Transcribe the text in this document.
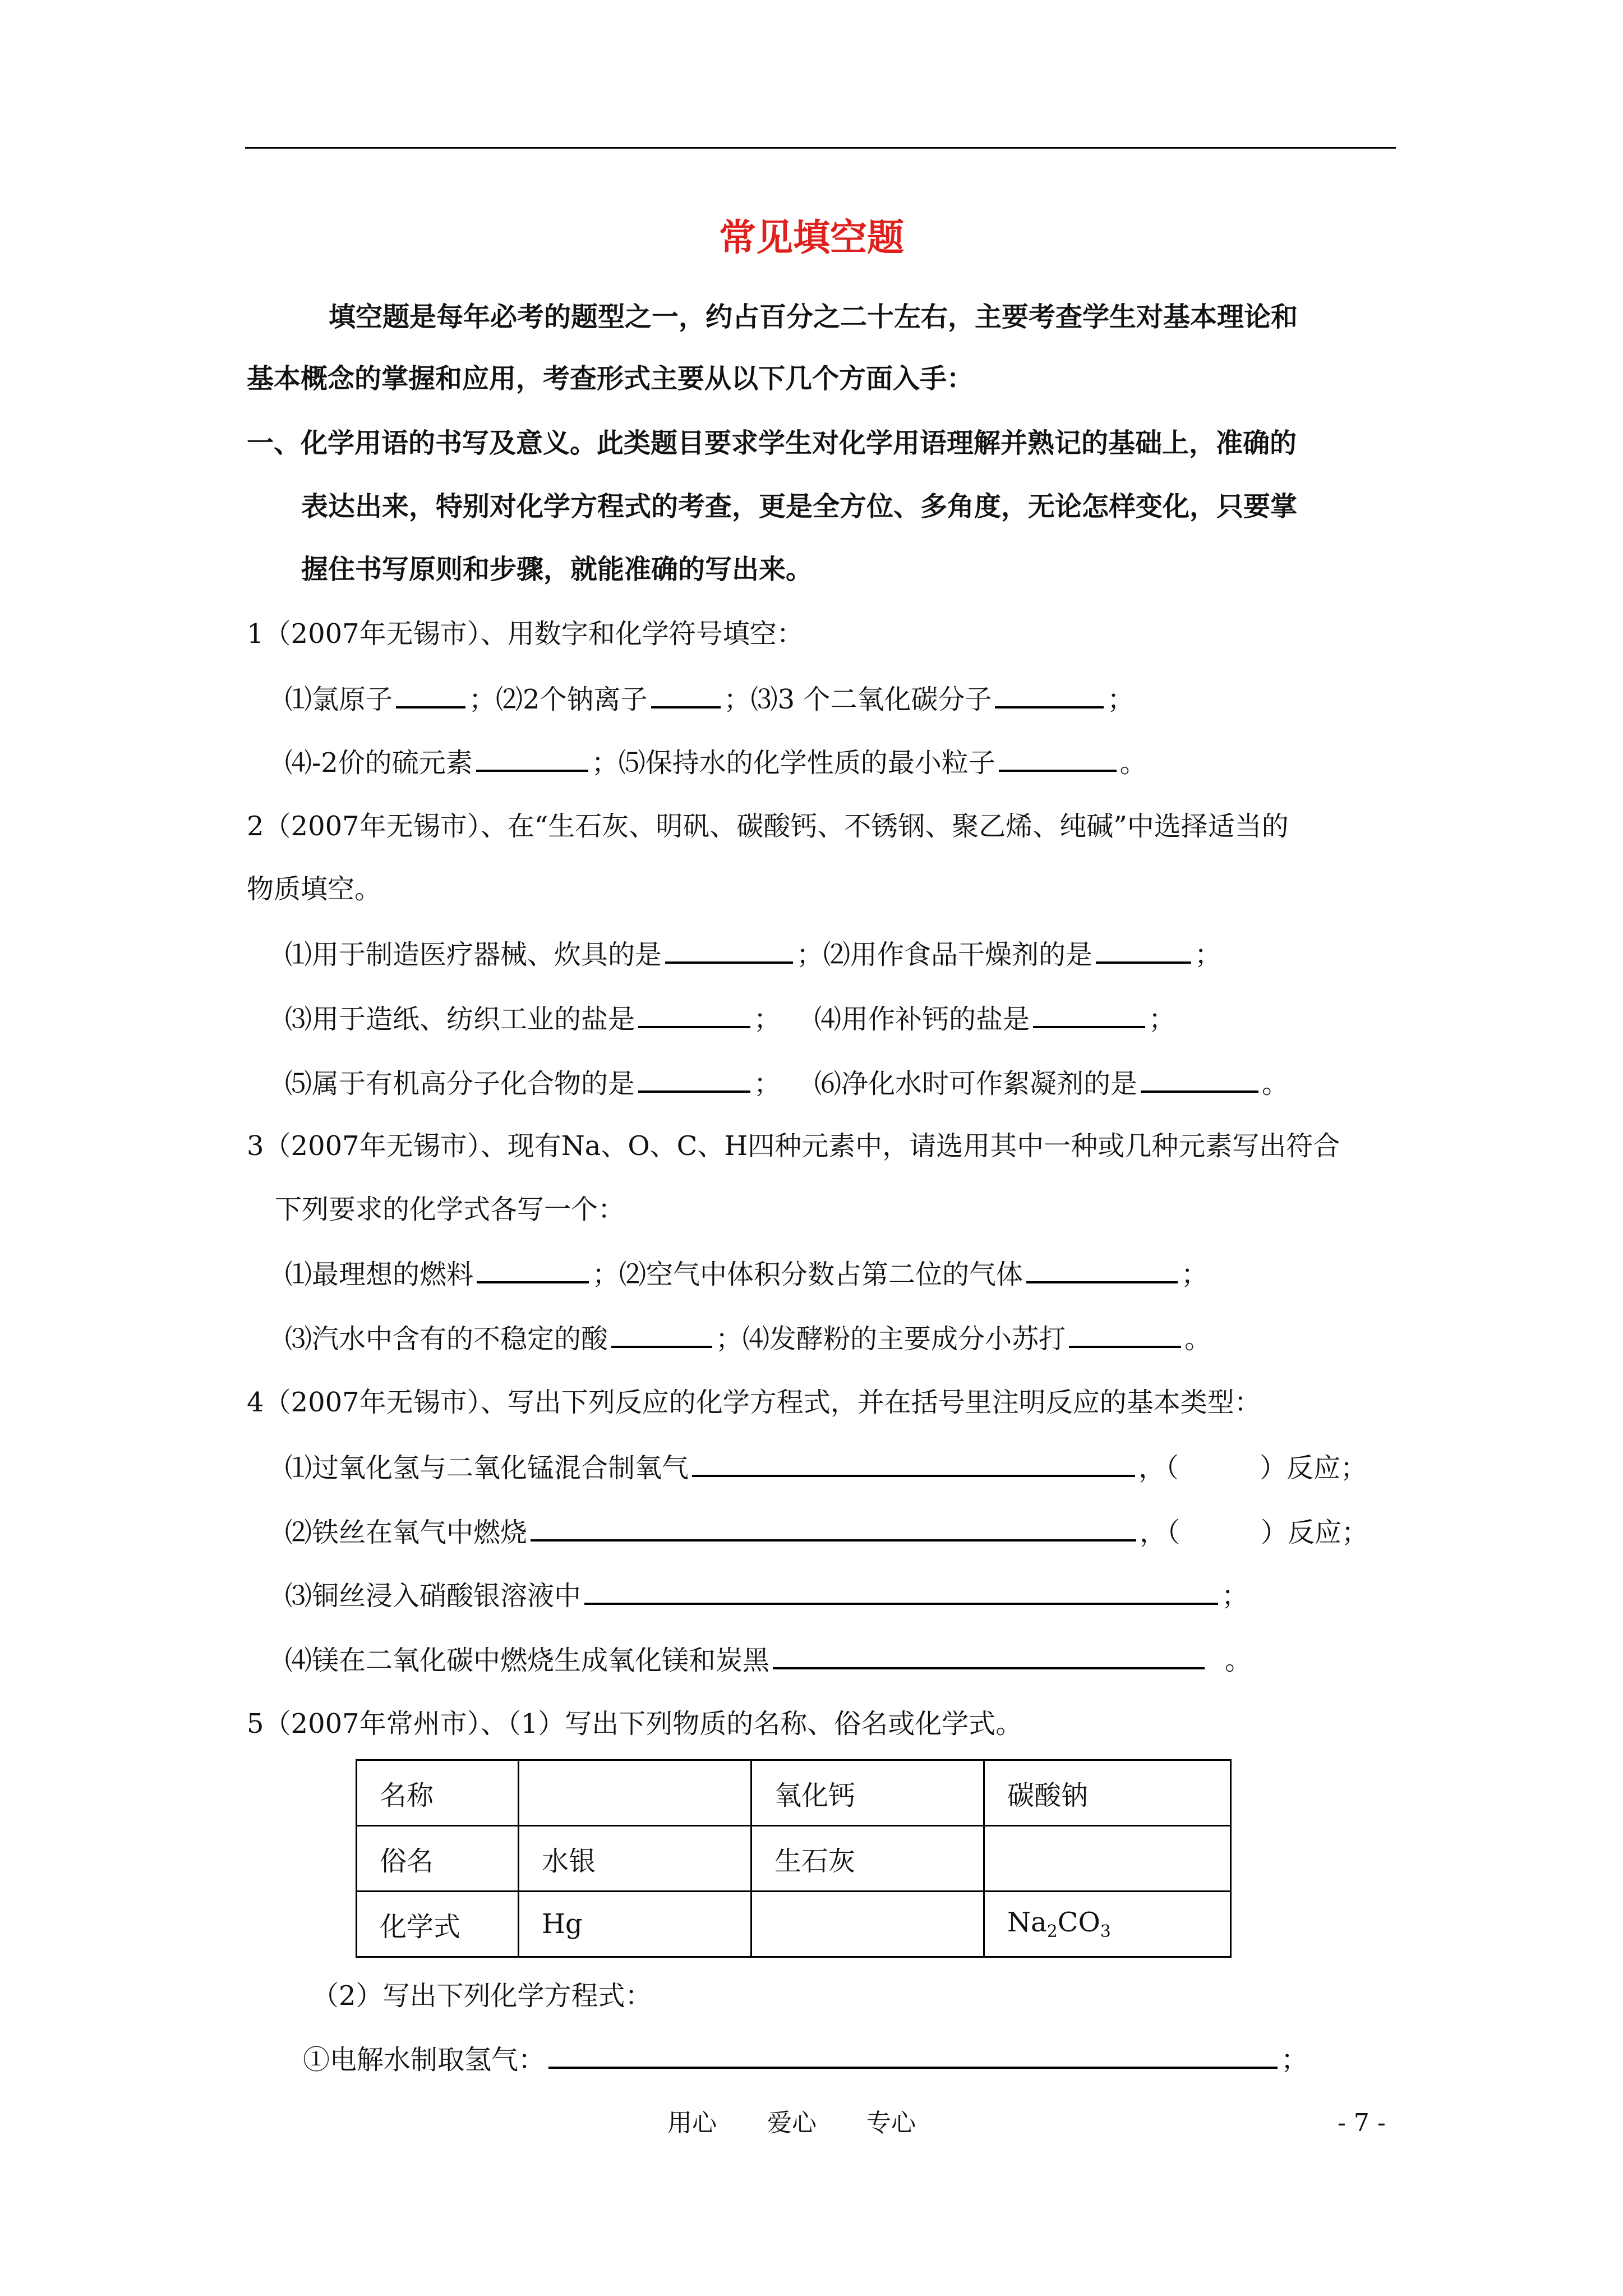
常见填空题
填空题是每年必考的题型之一，约占百分之二十左右，主要考查学生对基本理论和
基本概念的掌握和应用，考查形式主要从以下几个方面入手：
一、化学用语的书写及意义。此类题目要求学生对化学用语理解并熟记的基础上，准确的
表达出来，特别对化学方程式的考查，更是全方位、多角度，无论怎样变化，只要掌
握住书写原则和步骤，就能准确的写出来。
1（2007年无锡市）、用数字和化学符号填空：
⑴氯原子	；⑵2个钠离子	；⑶3 个二氧化碳分子	；
⑷-2价的硫元素	；⑸保持水的化学性质的最小粒子	。
2（2007年无锡市）、在“生石灰、明矾、碳酸钙、不锈钢、聚乙烯、纯碱”中选择适当的
物质填空。
⑴用于制造医疗器械、炊具的是	；⑵用作食品干燥剂的是	；
⑶用于造纸、纺织工业的盐是	； ⑷用作补钙的盐是	；
⑸属于有机高分子化合物的是	； ⑹净化水时可作絮凝剂的是	。
3（2007年无锡市）、现有Na、O、C、H四种元素中，请选用其中一种或几种元素写出符合
下列要求的化学式各写一个：
⑴最理想的燃料	；⑵空气中体积分数占第二位的气体	；
⑶汽水中含有的不稳定的酸	；⑷发酵粉的主要成分小苏打	。
4（2007年无锡市）、写出下列反应的化学方程式，并在括号里注明反应的基本类型：
⑴过氧化氢与二氧化锰混合制氧气	，（　　　）反应；
⑵铁丝在氧气中燃烧	，（　　　）反应；
⑶铜丝浸入硝酸银溶液中	；
⑷镁在二氧化碳中燃烧生成氧化镁和炭黑	。
5（2007年常州市）、（1）写出下列物质的名称、俗名或化学式。
名称		氧化钙	碳酸钠
俗名	水银	生石灰	
化学式	Hg		$Na_2CO_3$
（2）写出下列化学方程式：
①电解水制取氢气：	；
用心 爱心 专心	- 7 -
